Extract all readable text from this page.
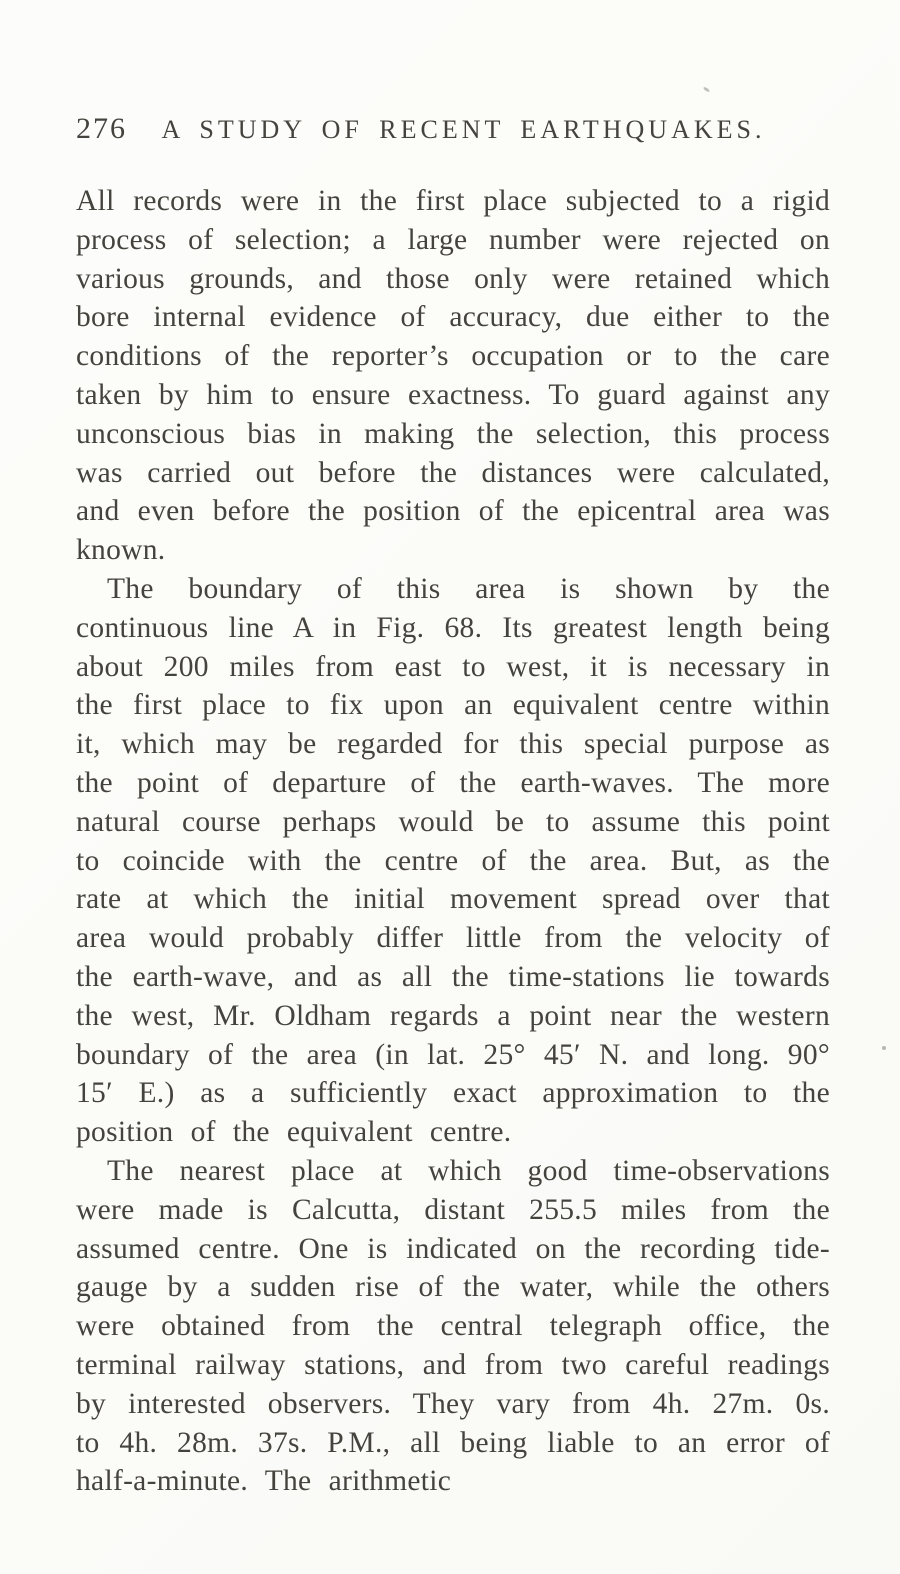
276	A STUDY OF RECENT EARTHQUAKES.

All records were in the first place subjected to a rigid process of selection; a large number were rejected on various grounds, and those only were retained which bore internal evidence of accuracy, due either to the conditions of the reporter’s occupation or to the care taken by him to ensure exactness. To guard against any unconscious bias in making the selection, this process was carried out before the distances were calculated, and even before the position of the epicentral area was known.

The boundary of this area is shown by the continuous line A in Fig. 68. Its greatest length being about 200 miles from east to west, it is necessary in the first place to fix upon an equivalent centre within it, which may be regarded for this special purpose as the point of departure of the earth-waves. The more natural course perhaps would be to assume this point to coincide with the centre of the area. But, as the rate at which the initial movement spread over that area would probably differ little from the velocity of the earth-wave, and as all the time-stations lie towards the west, Mr. Oldham regards a point near the western boundary of the area (in lat. 25° 45′ N. and long. 90° 15′ E.) as a sufficiently exact approximation to the position of the equivalent centre.

The nearest place at which good time-observations were made is Calcutta, distant 255.5 miles from the assumed centre. One is indicated on the recording tide-gauge by a sudden rise of the water, while the others were obtained from the central telegraph office, the terminal railway stations, and from two careful readings by interested observers. They vary from 4h. 27m. 0s. to 4h. 28m. 37s. P.M., all being liable to an error of half-a-minute. The arithmetic
